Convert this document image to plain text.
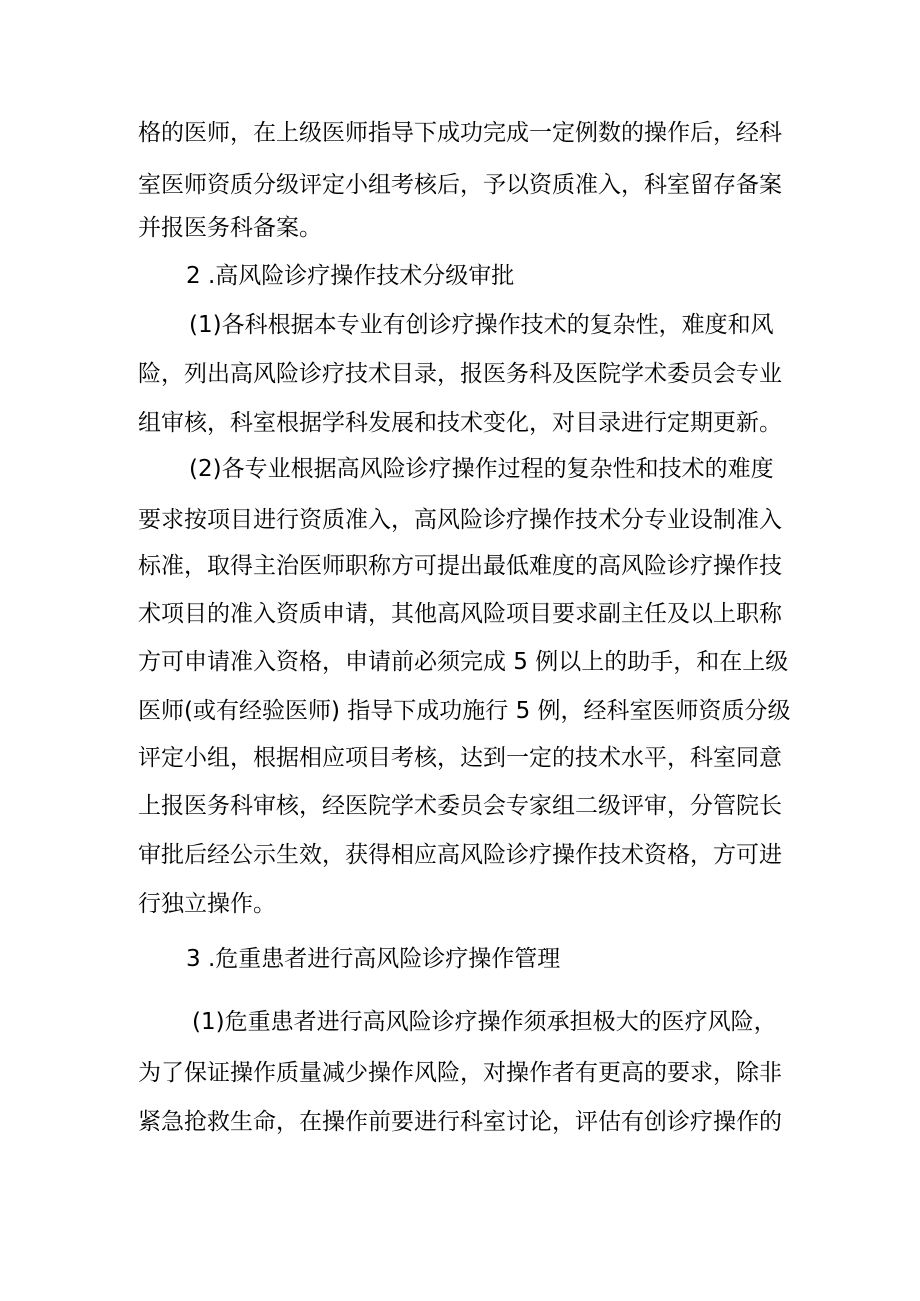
格的医师，在上级医师指导下成功完成一定例数的操作后，经科
室医师资质分级评定小组考核后，予以资质准入，科室留存备案
并报医务科备案。
2 .高风险诊疗操作技术分级审批
(1)各科根据本专业有创诊疗操作技术的复杂性，难度和风
险，列出高风险诊疗技术目录，报医务科及医院学术委员会专业
组审核，科室根据学科发展和技术变化，对目录进行定期更新。
(2)各专业根据高风险诊疗操作过程的复杂性和技术的难度
要求按项目进行资质准入，高风险诊疗操作技术分专业设制准入
标准，取得主治医师职称方可提出最低难度的高风险诊疗操作技
术项目的准入资质申请，其他高风险项目要求副主任及以上职称
方可申请准入资格，申请前必须完成 5 例以上的助手，和在上级
医师(或有经验医师) 指导下成功施行 5 例，经科室医师资质分级
评定小组，根据相应项目考核，达到一定的技术水平，科室同意
上报医务科审核，经医院学术委员会专家组二级评审，分管院长
审批后经公示生效，获得相应高风险诊疗操作技术资格，方可进
行独立操作。
3 .危重患者进行高风险诊疗操作管理
(1)危重患者进行高风险诊疗操作须承担极大的医疗风险，
为了保证操作质量减少操作风险，对操作者有更高的要求，除非
紧急抢救生命，在操作前要进行科室讨论，评估有创诊疗操作的
